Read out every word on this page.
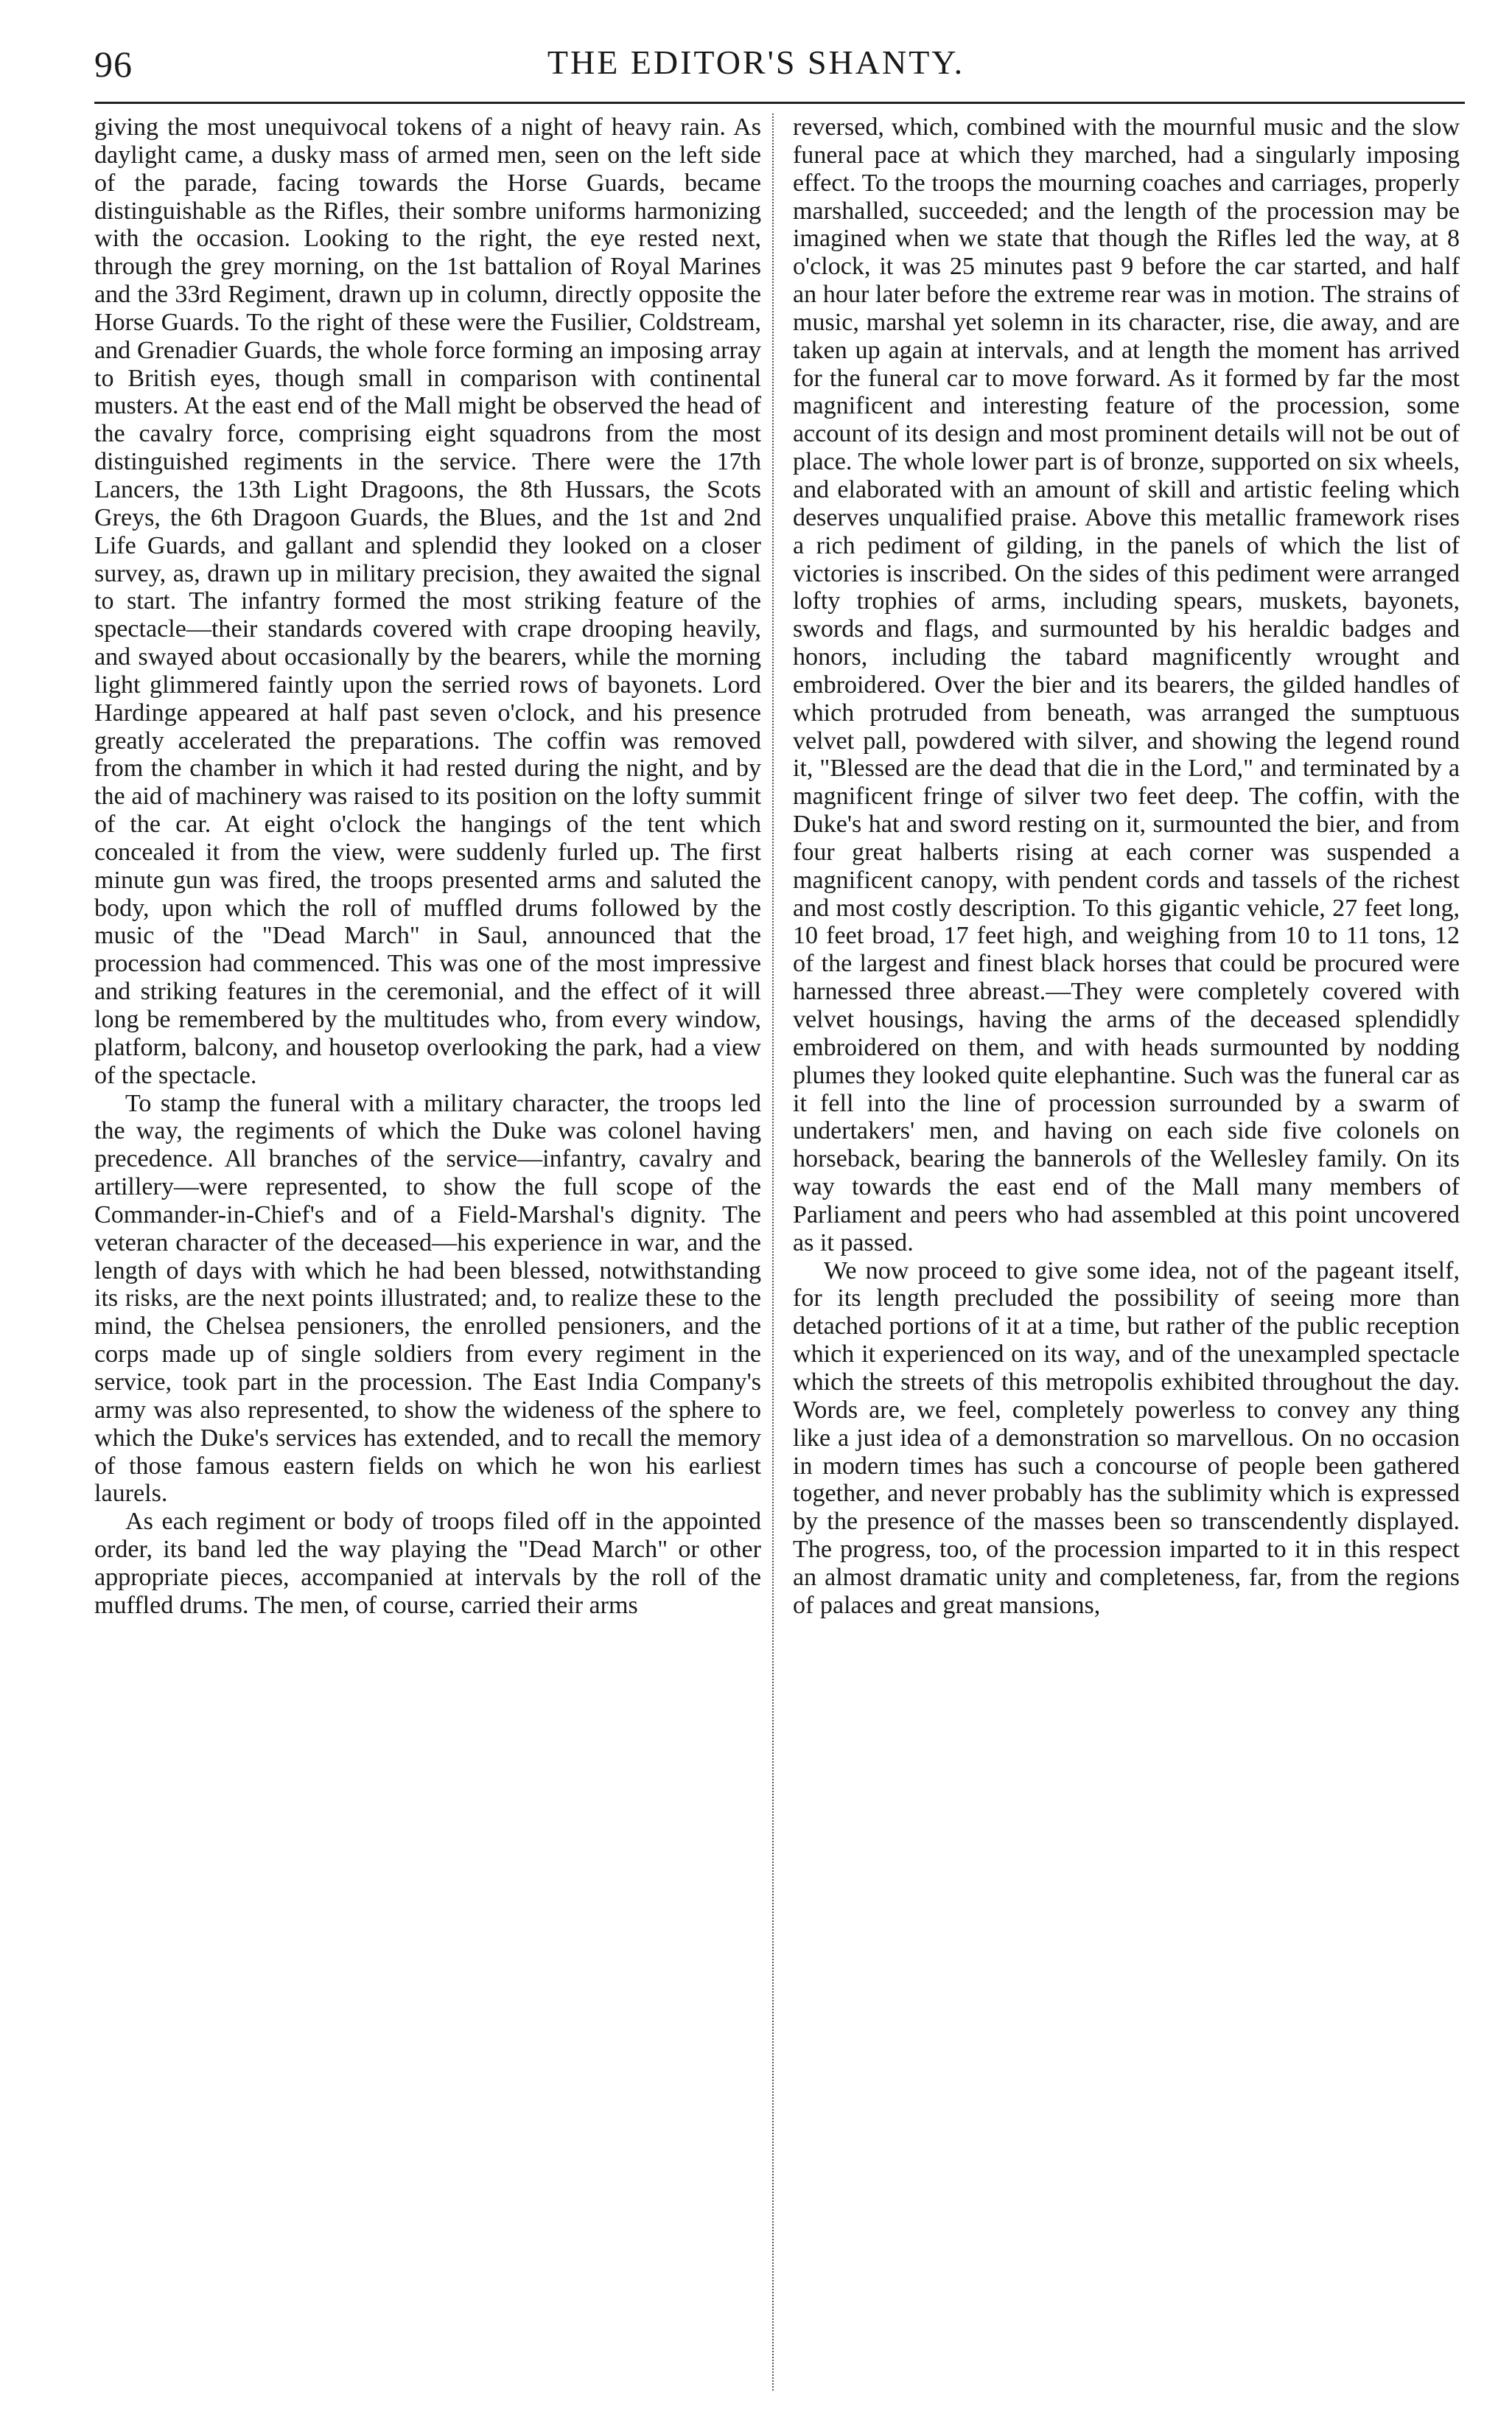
96	THE EDITOR'S SHANTY.

giving the most unequivocal tokens of a night of heavy rain. As daylight came, a dusky mass of armed men, seen on the left side of the parade, facing towards the Horse Guards, became distinguishable as the Rifles, their sombre uniforms harmonizing with the occasion. Looking to the right, the eye rested next, through the grey morning, on the 1st battalion of Royal Marines and the 33rd Regiment, drawn up in column, directly opposite the Horse Guards. To the right of these were the Fusilier, Coldstream, and Grenadier Guards, the whole force forming an imposing array to British eyes, though small in comparison with continental musters. At the east end of the Mall might be observed the head of the cavalry force, comprising eight squadrons from the most distinguished regiments in the service. There were the 17th Lancers, the 13th Light Dragoons, the 8th Hussars, the Scots Greys, the 6th Dragoon Guards, the Blues, and the 1st and 2nd Life Guards, and gallant and splendid they looked on a closer survey, as, drawn up in military precision, they awaited the signal to start. The infantry formed the most striking feature of the spectacle—their standards covered with crape drooping heavily, and swayed about occasionally by the bearers, while the morning light glimmered faintly upon the serried rows of bayonets. Lord Hardinge appeared at half past seven o'clock, and his presence greatly accelerated the preparations. The coffin was removed from the chamber in which it had rested during the night, and by the aid of machinery was raised to its position on the lofty summit of the car. At eight o'clock the hangings of the tent which concealed it from the view, were suddenly furled up. The first minute gun was fired, the troops presented arms and saluted the body, upon which the roll of muffled drums followed by the music of the "Dead March" in Saul, announced that the procession had commenced. This was one of the most impressive and striking features in the ceremonial, and the effect of it will long be remembered by the multitudes who, from every window, platform, balcony, and housetop overlooking the park, had a view of the spectacle.

To stamp the funeral with a military character, the troops led the way, the regiments of which the Duke was colonel having precedence. All branches of the service—infantry, cavalry and artillery—were represented, to show the full scope of the Commander-in-Chief's and of a Field-Marshal's dignity. The veteran character of the deceased—his experience in war, and the length of days with which he had been blessed, notwithstanding its risks, are the next points illustrated; and, to realize these to the mind, the Chelsea pensioners, the enrolled pensioners, and the corps made up of single soldiers from every regiment in the service, took part in the procession. The East India Company's army was also represented, to show the wideness of the sphere to which the Duke's services has extended, and to recall the memory of those famous eastern fields on which he won his earliest laurels.

As each regiment or body of troops filed off in the appointed order, its band led the way playing the "Dead March" or other appropriate pieces, accompanied at intervals by the roll of the muffled drums. The men, of course, carried their arms

reversed, which, combined with the mournful music and the slow funeral pace at which they marched, had a singularly imposing effect. To the troops the mourning coaches and carriages, properly marshalled, succeeded; and the length of the procession may be imagined when we state that though the Rifles led the way, at 8 o'clock, it was 25 minutes past 9 before the car started, and half an hour later before the extreme rear was in motion. The strains of music, marshal yet solemn in its character, rise, die away, and are taken up again at intervals, and at length the moment has arrived for the funeral car to move forward. As it formed by far the most magnificent and interesting feature of the procession, some account of its design and most prominent details will not be out of place. The whole lower part is of bronze, supported on six wheels, and elaborated with an amount of skill and artistic feeling which deserves unqualified praise. Above this metallic framework rises a rich pediment of gilding, in the panels of which the list of victories is inscribed. On the sides of this pediment were arranged lofty trophies of arms, including spears, muskets, bayonets, swords and flags, and surmounted by his heraldic badges and honors, including the tabard magnificently wrought and embroidered. Over the bier and its bearers, the gilded handles of which protruded from beneath, was arranged the sumptuous velvet pall, powdered with silver, and showing the legend round it, "Blessed are the dead that die in the Lord," and terminated by a magnificent fringe of silver two feet deep. The coffin, with the Duke's hat and sword resting on it, surmounted the bier, and from four great halberts rising at each corner was suspended a magnificent canopy, with pendent cords and tassels of the richest and most costly description. To this gigantic vehicle, 27 feet long, 10 feet broad, 17 feet high, and weighing from 10 to 11 tons, 12 of the largest and finest black horses that could be procured were harnessed three abreast.—They were completely covered with velvet housings, having the arms of the deceased splendidly embroidered on them, and with heads surmounted by nodding plumes they looked quite elephantine. Such was the funeral car as it fell into the line of procession surrounded by a swarm of undertakers' men, and having on each side five colonels on horseback, bearing the bannerols of the Wellesley family. On its way towards the east end of the Mall many members of Parliament and peers who had assembled at this point uncovered as it passed.

We now proceed to give some idea, not of the pageant itself, for its length precluded the possibility of seeing more than detached portions of it at a time, but rather of the public reception which it experienced on its way, and of the unexampled spectacle which the streets of this metropolis exhibited throughout the day. Words are, we feel, completely powerless to convey any thing like a just idea of a demonstration so marvellous. On no occasion in modern times has such a concourse of people been gathered together, and never probably has the sublimity which is expressed by the presence of the masses been so transcendently displayed. The progress, too, of the procession imparted to it in this respect an almost dramatic unity and completeness, far, from the regions of palaces and great mansions,
